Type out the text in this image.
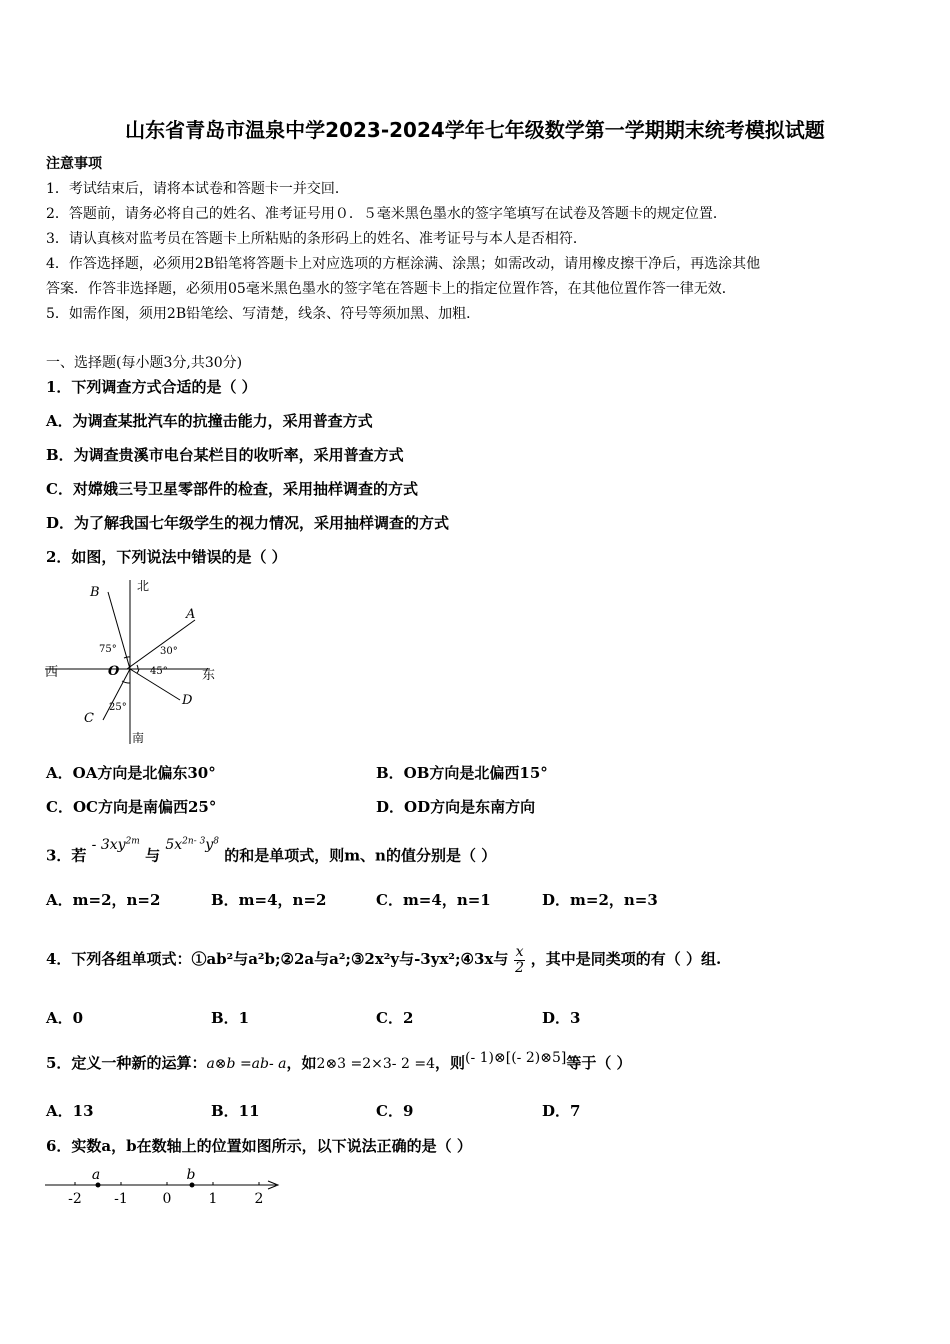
山东省青岛市温泉中学2023-2024学年七年级数学第一学期期末统考模拟试题
注意事项
1．考试结束后，请将本试卷和答题卡一并交回．
2．答题前，请务必将自己的姓名、准考证号用０．５毫米黑色墨水的签字笔填写在试卷及答题卡的规定位置．
3．请认真核对监考员在答题卡上所粘贴的条形码上的姓名、准考证号与本人是否相符．
4．作答选择题，必须用2B铅笔将答题卡上对应选项的方框涂满、涂黑；如需改动，请用橡皮擦干净后，再选涂其他
答案．作答非选择题，必须用05毫米黑色墨水的签字笔在答题卡上的指定位置作答，在其他位置作答一律无效．
5．如需作图，须用2B铅笔绘、写清楚，线条、符号等须加黑、加粗．
一、选择题(每小题3分,共30分)
1．下列调查方式合适的是（ ）
A．为调查某批汽车的抗撞击能力，采用普查方式
B．为调查贵溪市电台某栏目的收听率，采用普查方式
C．对嫦娥三号卫星零部件的检查，采用抽样调查的方式
D．为了解我国七年级学生的视力情况，采用抽样调查的方式
2．如图，下列说法中错误的是（ ）
北
南
西	东
O
A
B
C
D
75°	30°
45°
25°
A．OA方向是北偏东30°	B．OB方向是北偏西15°
C．OC方向是南偏西25°	D．OD方向是东南方向
3．若 - $3xy^{2m}$ 与 $5x^{2n- 3}y^8$ 的和是单项式，则m、n的值分别是（ ）
A．m=2，n=2	B．m=4，n=2	C．m=4，n=1	D．m=2，n=3
4．下列各组单项式：①ab²与a²b;②2a与a²;③2x²y与-3yx²;④3x与 $\frac{x}{2}$ ，其中是同类项的有（ ）组.
A．0	B．1	C．2	D．3
5．定义一种新的运算：a⊗b =ab- a，如2⊗3 =2×3- 2 =4，则(- 1)⊗[(- 2)⊗5]等于（ ）
A．13	B．11	C．9	D．7
6．实数a，b在数轴上的位置如图所示，以下说法正确的是（ ）
a	b
-2 -1 0	1	2
